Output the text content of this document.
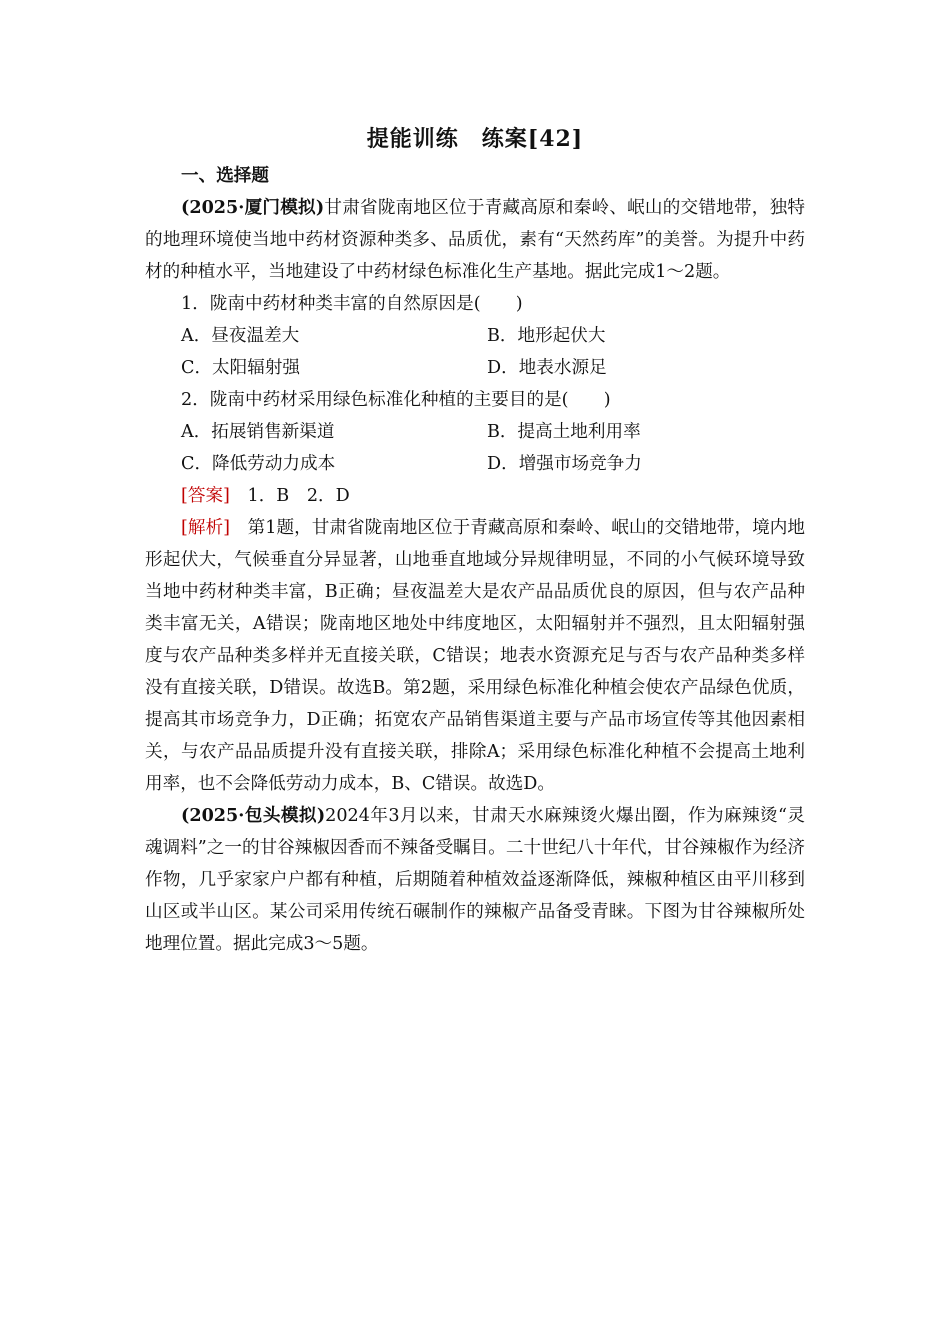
提能训练　练案[42]

一、选择题

(2025·厦门模拟)甘肃省陇南地区位于青藏高原和秦岭、岷山的交错地带，独特的地理环境使当地中药材资源种类多、品质优，素有“天然药库”的美誉。为提升中药材的种植水平，当地建设了中药材绿色标准化生产基地。据此完成1～2题。

1．陇南中药材种类丰富的自然原因是(　　)

A．昼夜温差大	B．地形起伏大
C．太阳辐射强	D．地表水源足

2．陇南中药材采用绿色标准化种植的主要目的是(　　)

A．拓展销售新渠道	B．提高土地利用率
C．降低劳动力成本	D．增强市场竞争力

[答案]　1．B　2．D

[解析]　第1题，甘肃省陇南地区位于青藏高原和秦岭、岷山的交错地带，境内地形起伏大，气候垂直分异显著，山地垂直地域分异规律明显，不同的小气候环境导致当地中药材种类丰富，B正确；昼夜温差大是农产品品质优良的原因，但与农产品种类丰富无关，A错误；陇南地区地处中纬度地区，太阳辐射并不强烈，且太阳辐射强度与农产品种类多样并无直接关联，C错误；地表水资源充足与否与农产品种类多样没有直接关联，D错误。故选B。第2题，采用绿色标准化种植会使农产品绿色优质，提高其市场竞争力，D正确；拓宽农产品销售渠道主要与产品市场宣传等其他因素相关，与农产品品质提升没有直接关联，排除A；采用绿色标准化种植不会提高土地利用率，也不会降低劳动力成本，B、C错误。故选D。

(2025·包头模拟)2024年3月以来，甘肃天水麻辣烫火爆出圈，作为麻辣烫“灵魂调料”之一的甘谷辣椒因香而不辣备受瞩目。二十世纪八十年代，甘谷辣椒作为经济作物，几乎家家户户都有种植，后期随着种植效益逐渐降低，辣椒种植区由平川移到山区或半山区。某公司采用传统石碾制作的辣椒产品备受青睐。下图为甘谷辣椒所处地理位置。据此完成3～5题。
